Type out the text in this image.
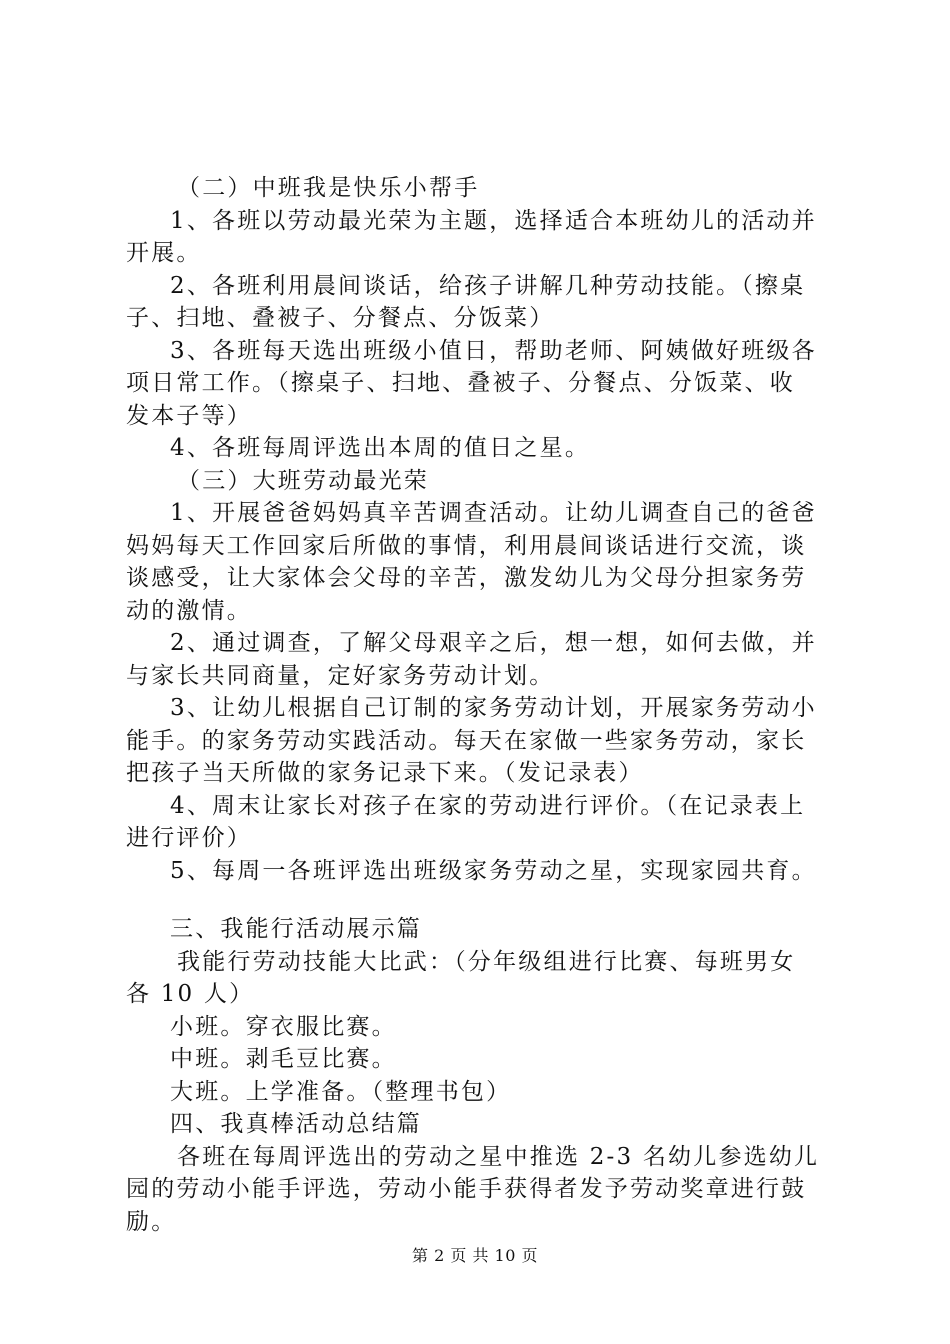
（二）中班我是快乐小帮手
1、各班以劳动最光荣为主题，选择适合本班幼儿的活动并
开展。
2、各班利用晨间谈话，给孩子讲解几种劳动技能。（擦桌
子、扫地、叠被子、分餐点、分饭菜）
3、各班每天选出班级小值日，帮助老师、阿姨做好班级各
项日常工作。（擦桌子、扫地、叠被子、分餐点、分饭菜、收
发本子等）
4、各班每周评选出本周的值日之星。
（三）大班劳动最光荣
1、开展爸爸妈妈真辛苦调查活动。让幼儿调查自己的爸爸
妈妈每天工作回家后所做的事情，利用晨间谈话进行交流，谈
谈感受，让大家体会父母的辛苦，激发幼儿为父母分担家务劳
动的激情。
2、通过调查，了解父母艰辛之后，想一想，如何去做，并
与家长共同商量，定好家务劳动计划。
3、让幼儿根据自己订制的家务劳动计划，开展家务劳动小
能手。的家务劳动实践活动。每天在家做一些家务劳动，家长
把孩子当天所做的家务记录下来。（发记录表）
4、周末让家长对孩子在家的劳动进行评价。（在记录表上
进行评价）
5、每周一各班评选出班级家务劳动之星，实现家园共育。
三、我能行活动展示篇
我能行劳动技能大比武：（分年级组进行比赛、每班男女
各 10 人）
小班。穿衣服比赛。
中班。剥毛豆比赛。
大班。上学准备。（整理书包）
四、我真棒活动总结篇
各班在每周评选出的劳动之星中推选 2-3 名幼儿参选幼儿
园的劳动小能手评选，劳动小能手获得者发予劳动奖章进行鼓
励。
第 2 页 共 10 页
